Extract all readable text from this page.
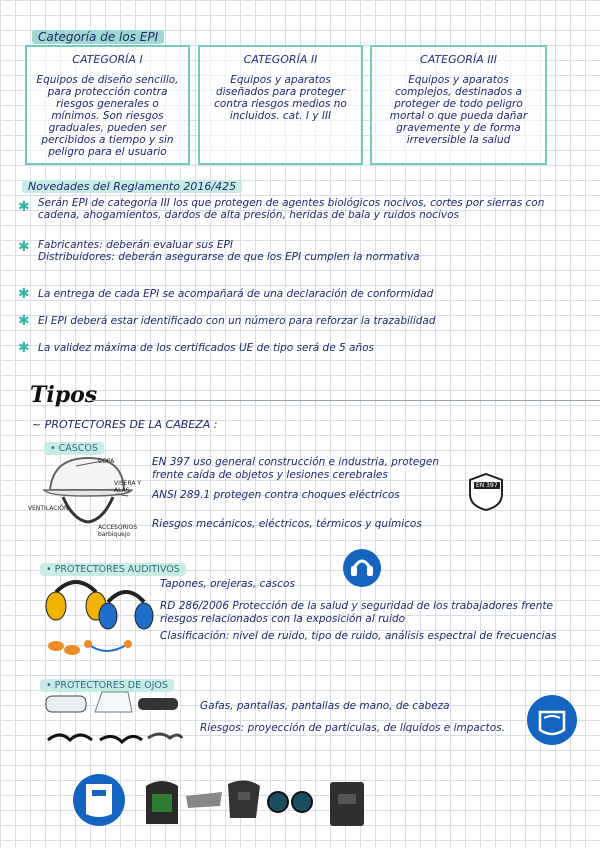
Categoría de los EPI
CATEGORÍA I

Equipos de diseño sencillo, para protección contra riesgos generales o mínimos. Son riesgos graduales, pueden ser percibidos a tiempo y sin peligro para el usuario

CATEGORÍA II

Equipos y aparatos diseñados para proteger contra riesgos medios no incluidos. cat. I y III

CATEGORÍA III

Equipos y aparatos complejos, destinados a proteger de todo peligro mortal o que pueda dañar gravemente y de forma irreversible la salud

Novedades del Reglamento 2016/425
✱ Serán EPI de categoría III los que protegen de agentes biológicos nocivos, cortes por sierras con cadena, ahogamientos, dardos de alta presión, heridas de bala y ruidos nocivos
✱ Fabricantes: deberán evaluar sus EPI
Distribuidores: deberán asegurarse de que los EPI cumplen la normativa
✱ La entrega de cada EPI se acompañará de una declaración de conformidad
✱ El EPI deberá estar identificado con un número para reforzar la trazabilidad
✱ La validez máxima de los certificados UE de tipo será de 5 años
Tipos
~ PROTECTORES DE LA CABEZA :
• CASCOS
COPA
VISERA Y ALAS
VENTILACIÓN
ACCESORIOS barbiquejo
EN 397 uso general construcción e industria, protegen frente caída de objetos y lesiones cerebrales
ANSI 289.1 protegen contra choques eléctricos
Riesgos mecánicos, eléctricos, térmicos y químicos
EN 397
• PROTECTORES AUDITIVOS
Tapones, orejeras, cascos
RD 286/2006 Protección de la salud y seguridad de los trabajadores frente riesgos relacionados con la exposición al ruido
Clasificación: nivel de ruido, tipo de ruido, análisis espectral de frecuencias
• PROTECTORES DE OJOS
Gafas, pantallas, pantallas de mano, de cabeza
Riesgos: proyección de partículas, de líquidos e impactos.
